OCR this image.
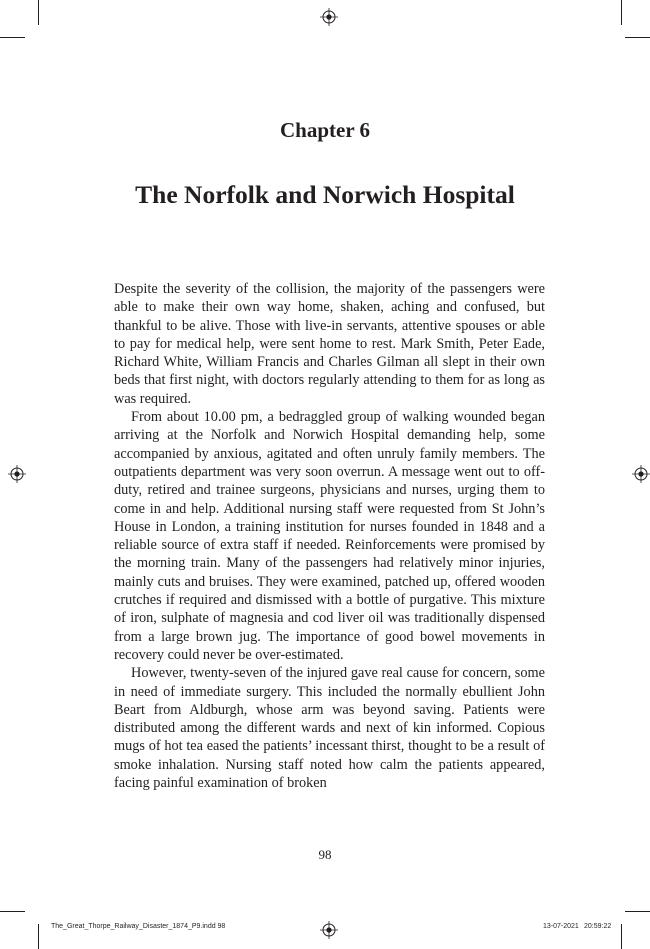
Chapter 6
The Norfolk and Norwich Hospital

Despite the severity of the collision, the majority of the passengers were able to make their own way home, shaken, aching and confused, but thankful to be alive. Those with live-in servants, attentive spouses or able to pay for medical help, were sent home to rest. Mark Smith, Peter Eade, Richard White, William Francis and Charles Gilman all slept in their own beds that first night, with doctors regularly attending to them for as long as was required.

From about 10.00 pm, a bedraggled group of walking wounded began arriving at the Norfolk and Norwich Hospital demanding help, some accompanied by anxious, agitated and often unruly family members. The outpatients department was very soon overrun. A message went out to off-duty, retired and trainee surgeons, physicians and nurses, urging them to come in and help. Additional nursing staff were requested from St John’s House in London, a training institution for nurses founded in 1848 and a reliable source of extra staff if needed. Reinforcements were promised by the morning train. Many of the passengers had relatively minor injuries, mainly cuts and bruises. They were examined, patched up, offered wooden crutches if required and dismissed with a bottle of purgative. This mixture of iron, sulphate of magnesia and cod liver oil was traditionally dispensed from a large brown jug. The importance of good bowel movements in recovery could never be over-estimated.

However, twenty-seven of the injured gave real cause for concern, some in need of immediate surgery. This included the normally ebullient John Beart from Aldburgh, whose arm was beyond saving. Patients were distributed among the different wards and next of kin informed. Copious mugs of hot tea eased the patients’ incessant thirst, thought to be a result of smoke inhalation. Nursing staff noted how calm the patients appeared, facing painful examination of broken

98
The_Great_Thorpe_Railway_Disaster_1874_P9.indd 98	13-07-2021 20:59:22
